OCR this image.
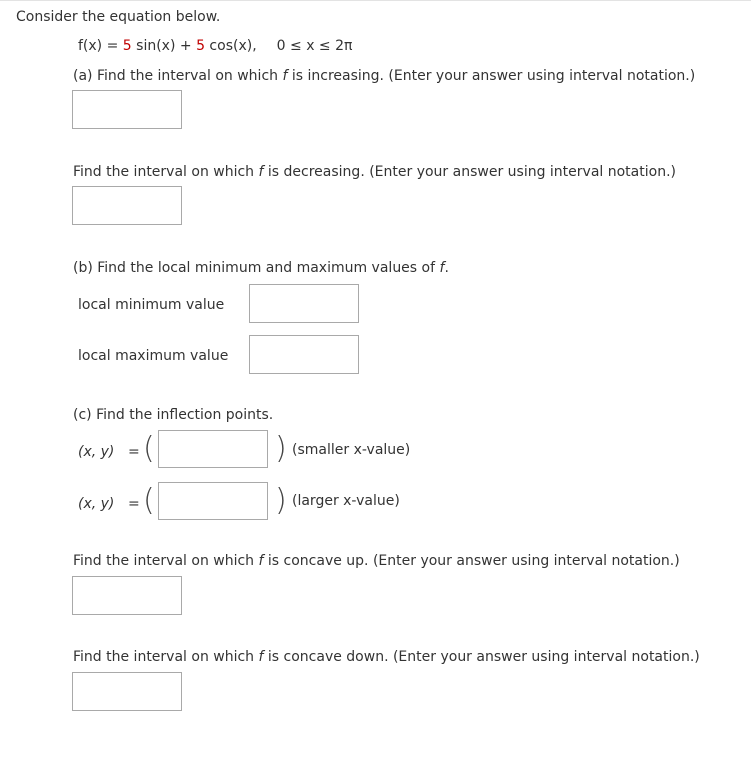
Consider the equation below.
f(x) = 5 sin(x) + 5 cos(x), 0 ≤ x ≤ 2π
(a) Find the interval on which f is increasing. (Enter your answer using interval notation.)
Find the interval on which f is decreasing. (Enter your answer using interval notation.)
(b) Find the local minimum and maximum values of f.
local minimum value
local maximum value
(c) Find the inflection points.
(x, y) = (	) (smaller x-value)
(x, y) = (	) (larger x-value)
Find the interval on which f is concave up. (Enter your answer using interval notation.)
Find the interval on which f is concave down. (Enter your answer using interval notation.)
